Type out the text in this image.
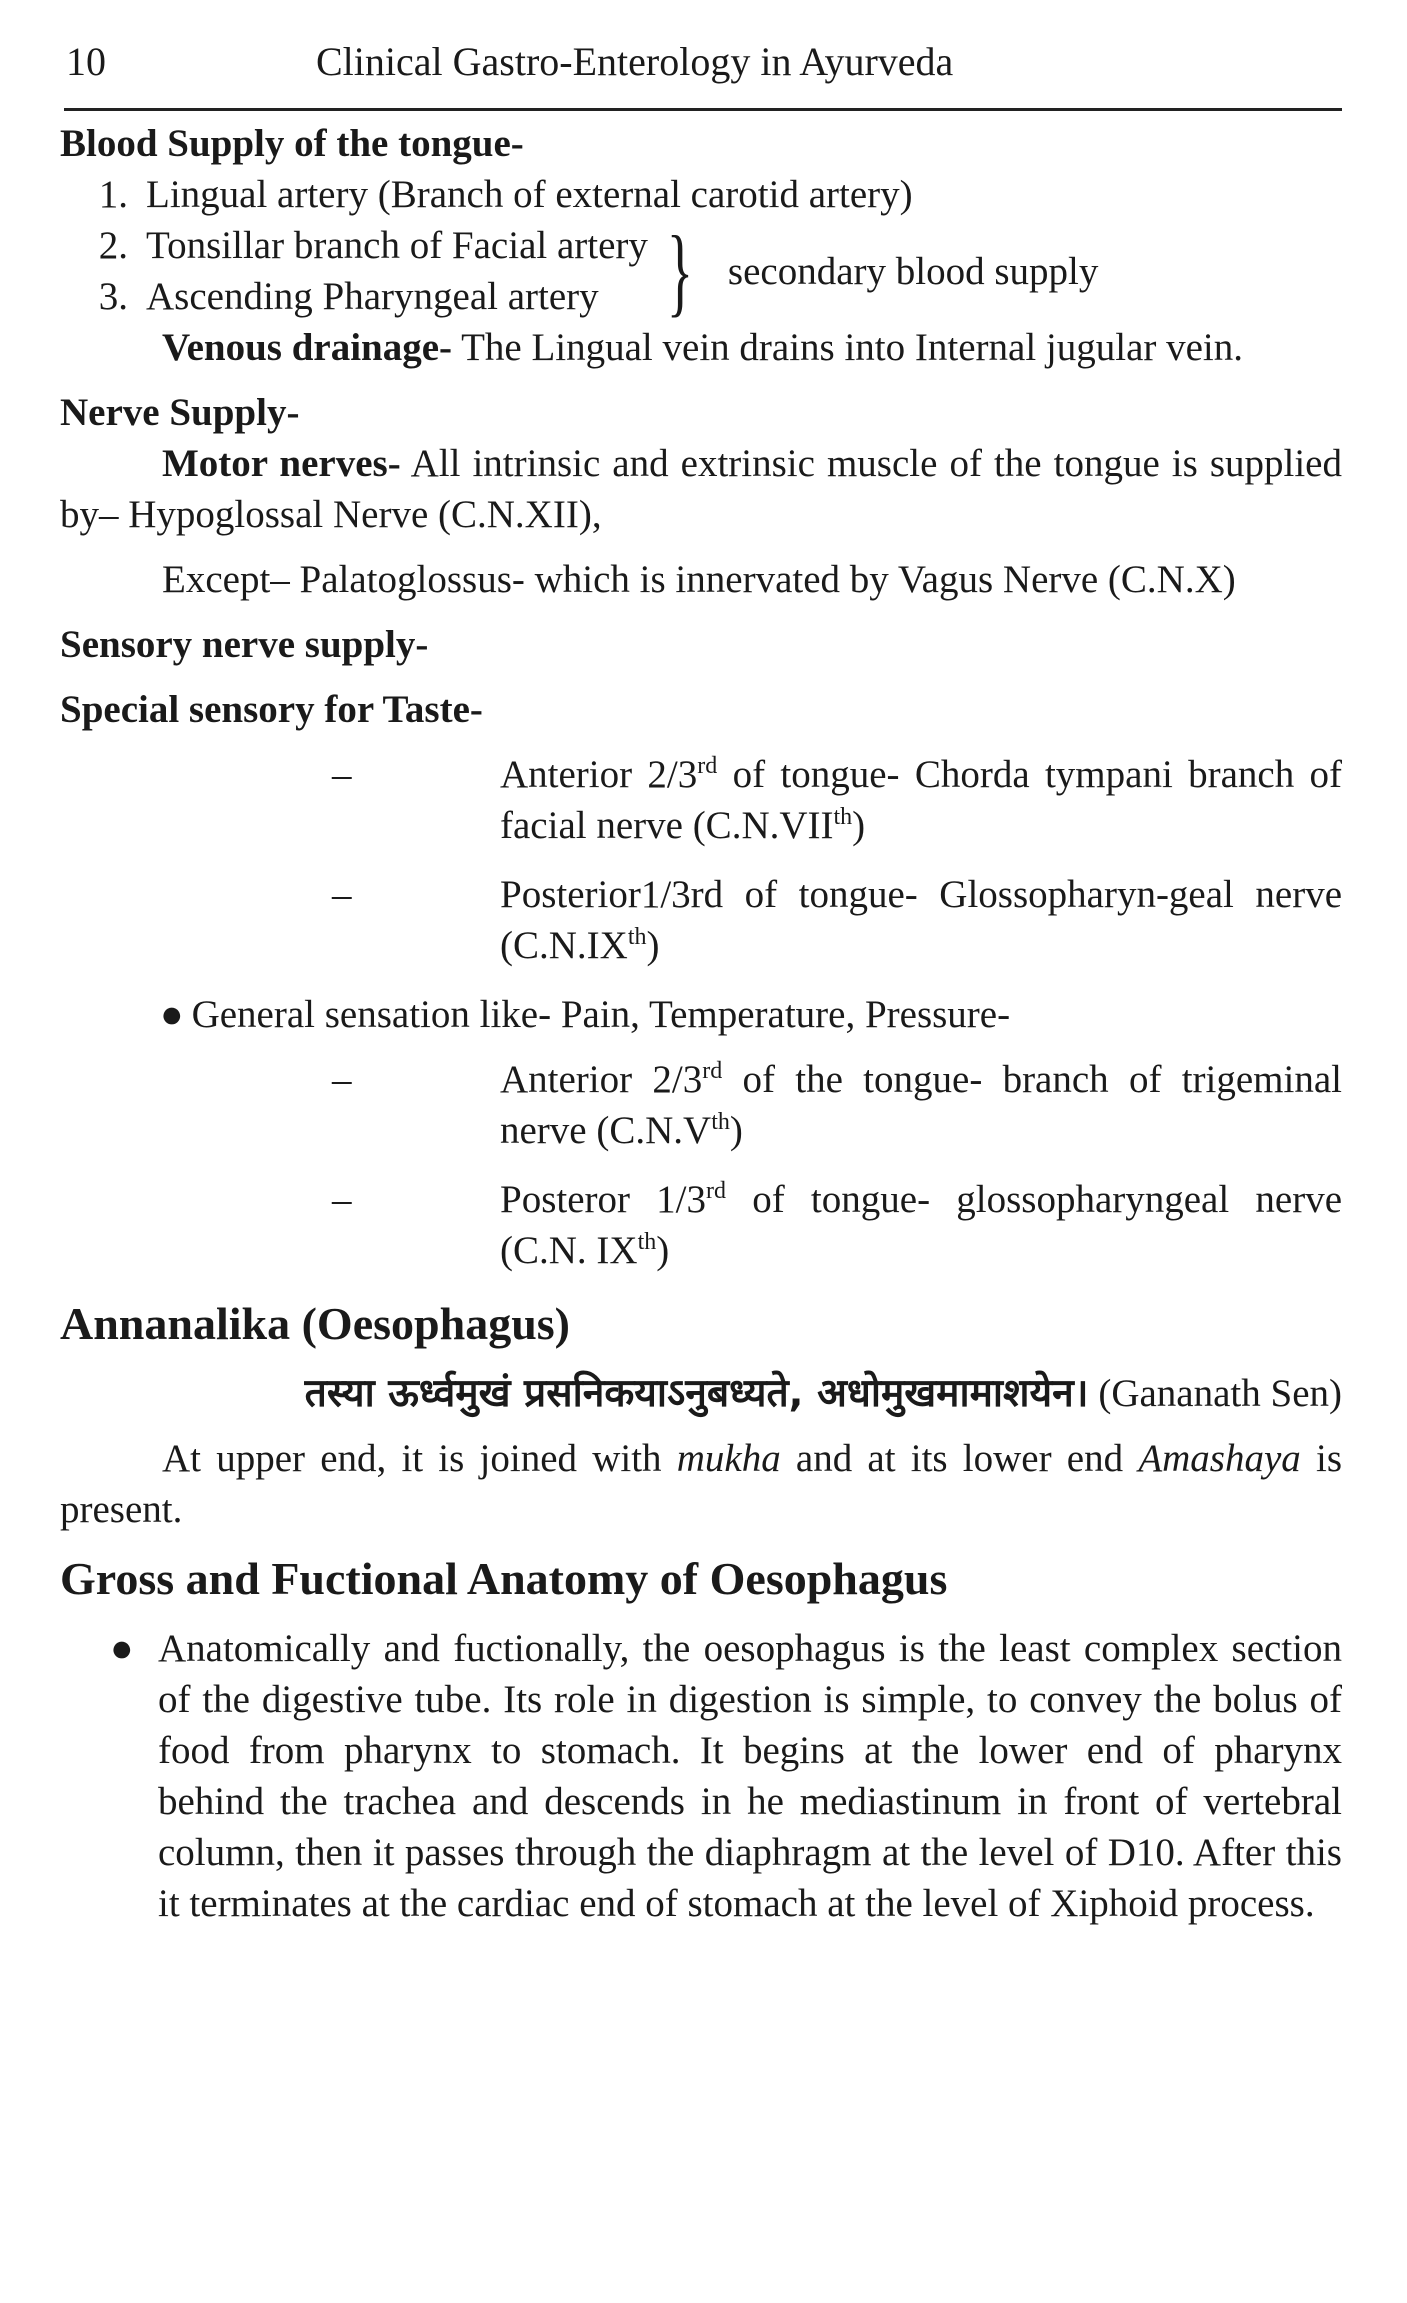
10	Clinical Gastro-Enterology in Ayurveda

Blood Supply of the tongue-

1. Lingual artery (Branch of external carotid artery)
2. Tonsillar branch of Facial artery
3. Ascending Pharyngeal artery } secondary blood supply

Venous drainage- The Lingual vein drains into Internal jugular vein.

Nerve Supply-

Motor nerves- All intrinsic and extrinsic muscle of the tongue is supplied by– Hypoglossal Nerve (C.N.XII),

Except– Palatoglossus- which is innervated by Vagus Nerve (C.N.X)

Sensory nerve supply-

Special sensory for Taste-

–	Anterior 2/3rd of tongue- Chorda tympani branch of facial nerve (C.N.VIIth)
–	Posterior1/3rd of tongue- Glossopharyn-geal nerve (C.N.IXth)

● General sensation like- Pain, Temperature, Pressure-

–	Anterior 2/3rd of the tongue- branch of trigeminal nerve (C.N.Vth)
–	Posteror 1/3rd of tongue- glossopharyngeal nerve (C.N. IXth)

Annanalika (Oesophagus)

तस्या ऊर्ध्वमुखं प्रसनिकयाऽनुबध्यते, अधोमुखमामाशयेन। (Gananath Sen)

At upper end, it is joined with mukha and at its lower end Amashaya is present.

Gross and Fuctional Anatomy of Oesophagus

● Anatomically and fuctionally, the oesophagus is the least complex section of the digestive tube. Its role in digestion is simple, to convey the bolus of food from pharynx to stomach. It begins at the lower end of pharynx behind the trachea and descends in he mediastinum in front of vertebral column, then it passes through the diaphragm at the level of D10. After this it terminates at the cardiac end of stomach at the level of Xiphoid process.
